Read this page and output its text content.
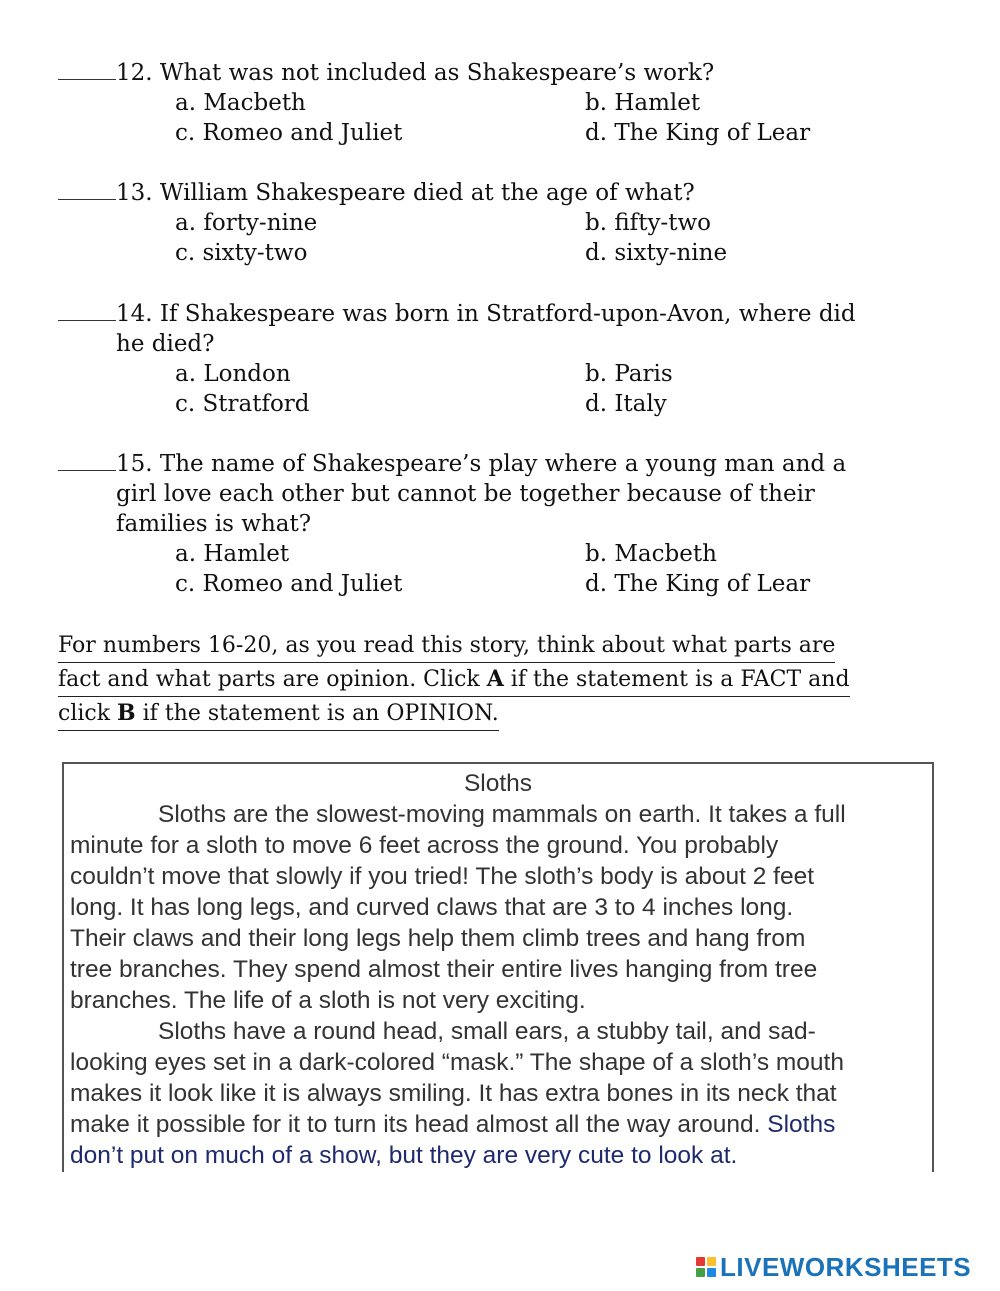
12. What was not included as Shakespeare’s work?
a. Macbeth	b. Hamlet
c. Romeo and Juliet	d. The King of Lear
13. William Shakespeare died at the age of what?
a. forty-nine	b. fifty-two
c. sixty-two	d. sixty-nine
14. If Shakespeare was born in Stratford-upon-Avon, where did
he died?
a. London	b. Paris
c. Stratford	d. Italy
15. The name of Shakespeare’s play where a young man and a
girl love each other but cannot be together because of their
families is what?
a. Hamlet	b. Macbeth
c. Romeo and Juliet	d. The King of Lear
For numbers 16-20, as you read this story, think about what parts are
fact and what parts are opinion. Click A if the statement is a FACT and
click B if the statement is an OPINION.
Sloths
Sloths are the slowest-moving mammals on earth. It takes a full
minute for a sloth to move 6 feet across the ground. You probably
couldn’t move that slowly if you tried! The sloth’s body is about 2 feet
long. It has long legs, and curved claws that are 3 to 4 inches long.
Their claws and their long legs help them climb trees and hang from
tree branches. They spend almost their entire lives hanging from tree
branches. The life of a sloth is not very exciting.
Sloths have a round head, small ears, a stubby tail, and sad-
looking eyes set in a dark-colored “mask.” The shape of a sloth’s mouth
makes it look like it is always smiling. It has extra bones in its neck that
make it possible for it to turn its head almost all the way around. Sloths
don’t put on much of a show, but they are very cute to look at.
LIVEWORKSHEETS
